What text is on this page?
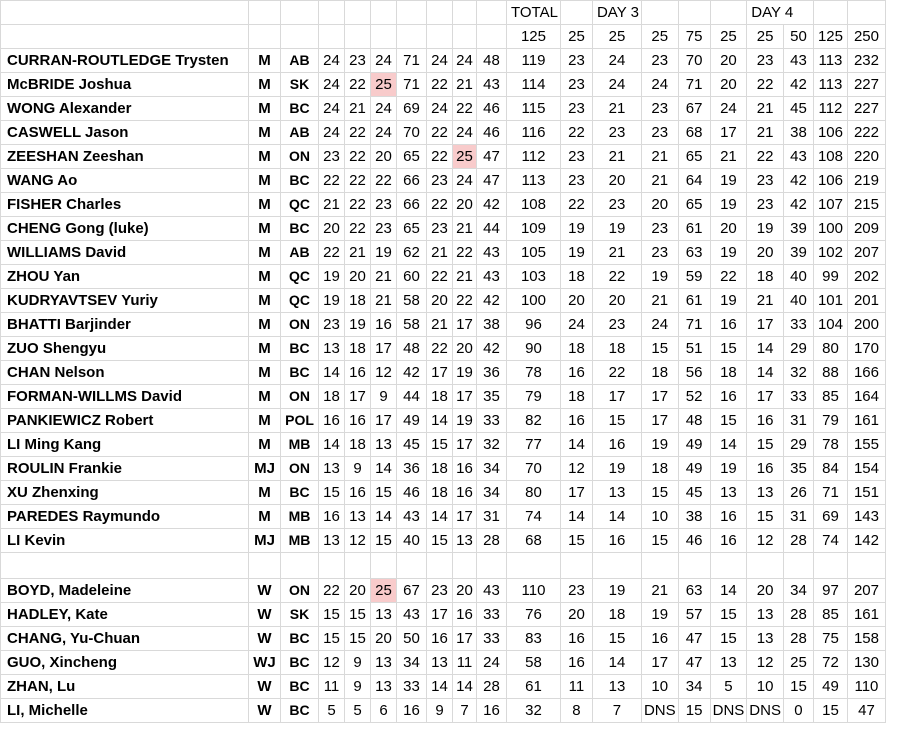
										TOTAL		DAY 3				DAY 4			
										125	25	25	25	75	25	25	50	125	250
CURRAN-ROUTLEDGE Trysten	M	AB	24	23	24	71	24	24	48	119	23	24	23	70	20	23	43	113	232
McBRIDE Joshua	M	SK	24	22	25	71	22	21	43	114	23	24	24	71	20	22	42	113	227
WONG Alexander	M	BC	24	21	24	69	24	22	46	115	23	21	23	67	24	21	45	112	227
CASWELL Jason	M	AB	24	22	24	70	22	24	46	116	22	23	23	68	17	21	38	106	222
ZEESHAN Zeeshan	M	ON	23	22	20	65	22	25	47	112	23	21	21	65	21	22	43	108	220
WANG Ao	M	BC	22	22	22	66	23	24	47	113	23	20	21	64	19	23	42	106	219
FISHER Charles	M	QC	21	22	23	66	22	20	42	108	22	23	20	65	19	23	42	107	215
CHENG Gong (luke)	M	BC	20	22	23	65	23	21	44	109	19	19	23	61	20	19	39	100	209
WILLIAMS David	M	AB	22	21	19	62	21	22	43	105	19	21	23	63	19	20	39	102	207
ZHOU Yan	M	QC	19	20	21	60	22	21	43	103	18	22	19	59	22	18	40	99	202
KUDRYAVTSEV Yuriy	M	QC	19	18	21	58	20	22	42	100	20	20	21	61	19	21	40	101	201
BHATTI Barjinder	M	ON	23	19	16	58	21	17	38	96	24	23	24	71	16	17	33	104	200
ZUO Shengyu	M	BC	13	18	17	48	22	20	42	90	18	18	15	51	15	14	29	80	170
CHAN Nelson	M	BC	14	16	12	42	17	19	36	78	16	22	18	56	18	14	32	88	166
FORMAN-WILLMS David	M	ON	18	17	9	44	18	17	35	79	18	17	17	52	16	17	33	85	164
PANKIEWICZ Robert	M	POL	16	16	17	49	14	19	33	82	16	15	17	48	15	16	31	79	161
LI Ming Kang	M	MB	14	18	13	45	15	17	32	77	14	16	19	49	14	15	29	78	155
ROULIN Frankie	MJ	ON	13	9	14	36	18	16	34	70	12	19	18	49	19	16	35	84	154
XU Zhenxing	M	BC	15	16	15	46	18	16	34	80	17	13	15	45	13	13	26	71	151
PAREDES Raymundo	M	MB	16	13	14	43	14	17	31	74	14	14	10	38	16	15	31	69	143
LI Kevin	MJ	MB	13	12	15	40	15	13	28	68	15	16	15	46	16	12	28	74	142

BOYD, Madeleine	W	ON	22	20	25	67	23	20	43	110	23	19	21	63	14	20	34	97	207
HADLEY, Kate	W	SK	15	15	13	43	17	16	33	76	20	18	19	57	15	13	28	85	161
CHANG, Yu-Chuan	W	BC	15	15	20	50	16	17	33	83	16	15	16	47	15	13	28	75	158
GUO, Xincheng	WJ	BC	12	9	13	34	13	11	24	58	16	14	17	47	13	12	25	72	130
ZHAN, Lu	W	BC	11	9	13	33	14	14	28	61	11	13	10	34	5	10	15	49	110
LI, Michelle	W	BC	5	5	6	16	9	7	16	32	8	7	DNS	15	DNS	DNS	0	15	47
